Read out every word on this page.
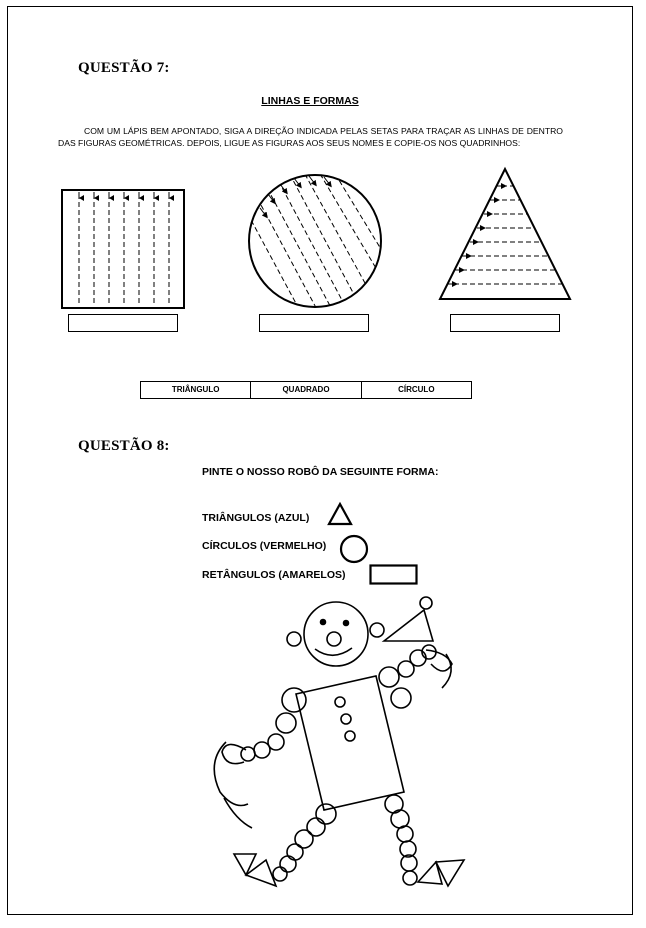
QUESTÃO 7:
LINHAS E FORMAS
COM UM LÁPIS BEM APONTADO, SIGA A DIREÇÃO INDICADA PELAS SETAS PARA TRAÇAR AS LINHAS DE DENTRO DAS FIGURAS GEOMÉTRICAS. DEPOIS, LIGUE AS FIGURAS AOS SEUS NOMES E COPIE-OS NOS QUADRINHOS:
TRIÂNGULO	QUADRADO	CÍRCULO
QUESTÃO 8:
PINTE O NOSSO ROBÔ DA SEGUINTE FORMA:
TRIÂNGULOS (AZUL)
CÍRCULOS (VERMELHO)
RETÂNGULOS (AMARELOS)
